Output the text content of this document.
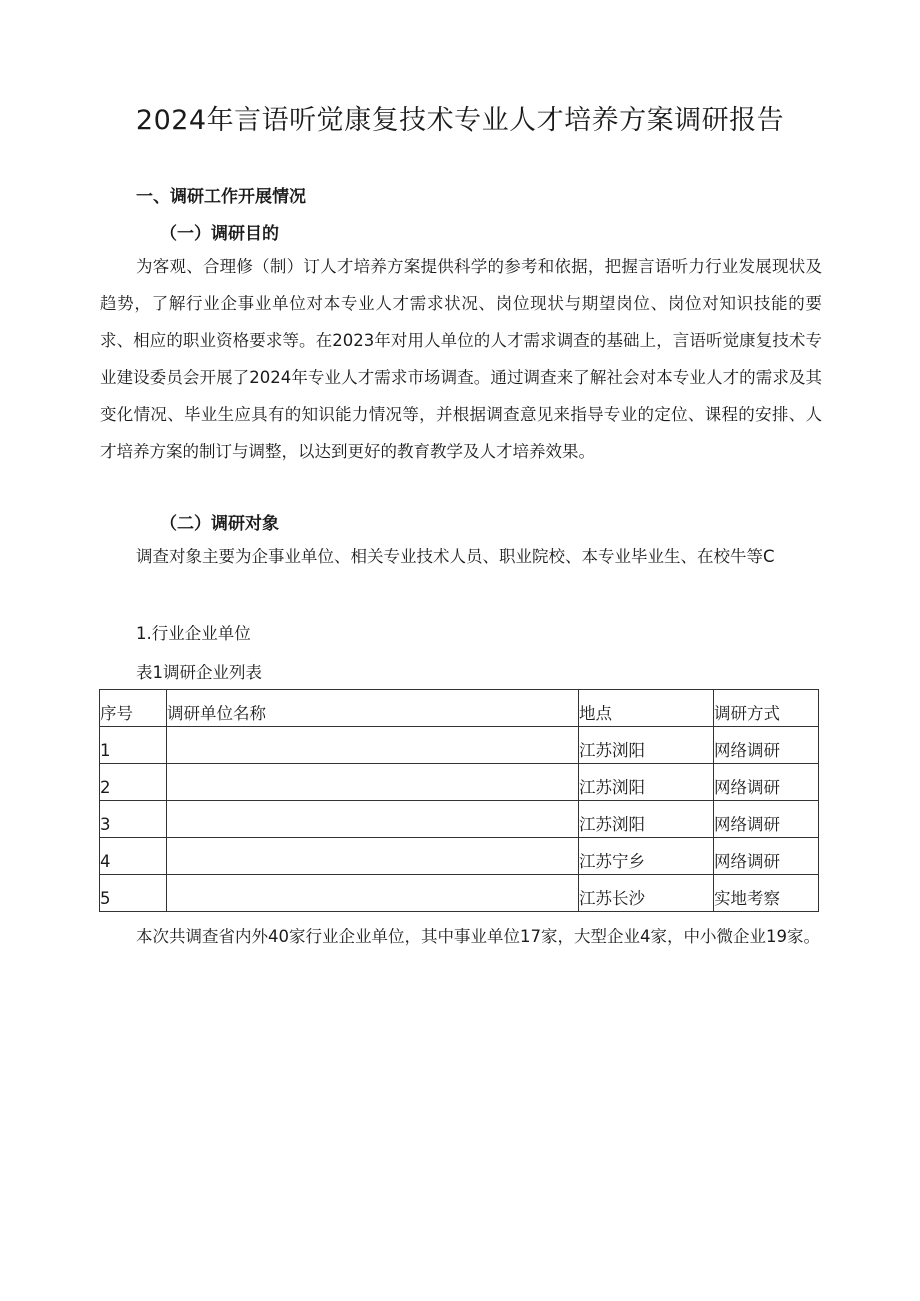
2024年言语听觉康复技术专业人才培养方案调研报告
一、调研工作开展情况
（一）调研目的

为客观、合理修（制）订人才培养方案提供科学的参考和依据，把握言语听力行业发展现状及趋势，了解行业企事业单位对本专业人才需求状况、岗位现状与期望岗位、岗位对知识技能的要求、相应的职业资格要求等。在2023年对用人单位的人才需求调查的基础上，言语听觉康复技术专业建设委员会开展了2024年专业人才需求市场调查。通过调查来了解社会对本专业人才的需求及其变化情况、毕业生应具有的知识能力情况等，并根据调查意见来指导专业的定位、课程的安排、人才培养方案的制订与调整，以达到更好的教育教学及人才培养效果。

（二）调研对象

调查对象主要为企事业单位、相关专业技术人员、职业院校、本专业毕业生、在校牛等C

1.行业企业单位

表1调研企业列表

序号	调研单位名称	地点	调研方式
1		江苏浏阳	网络调研
2		江苏浏阳	网络调研
3		江苏浏阳	网络调研
4		江苏宁乡	网络调研
5		江苏长沙	实地考察

本次共调查省内外40家行业企业单位，其中事业单位17家，大型企业4家，中小微企业19家。
